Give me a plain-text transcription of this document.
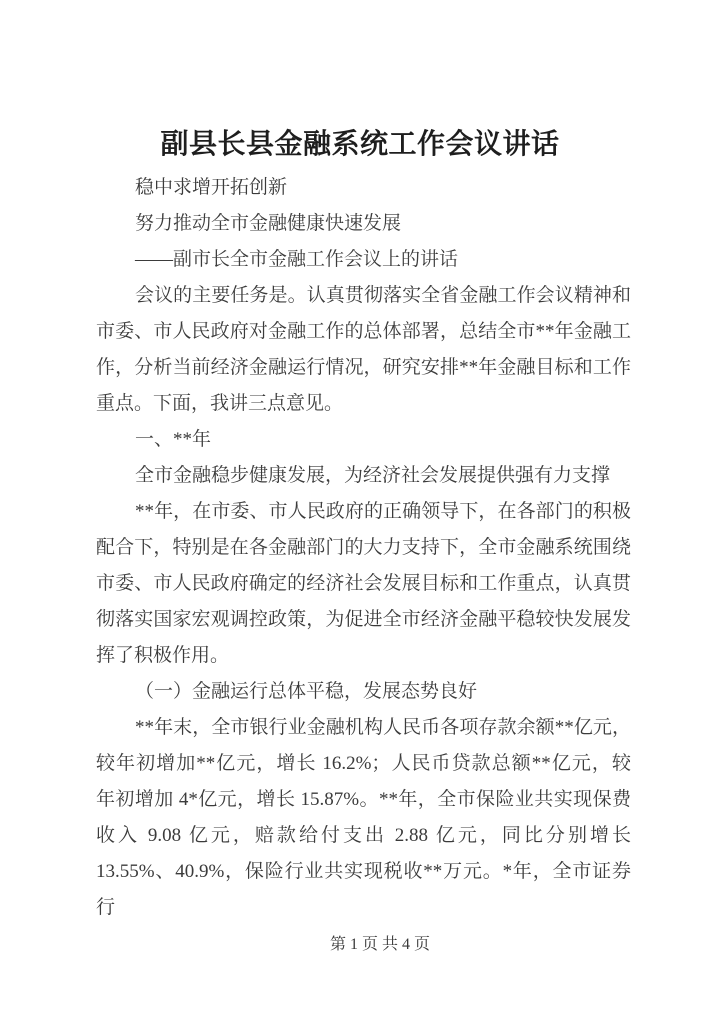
副县长县金融系统工作会议讲话
稳中求增开拓创新
努力推动全市金融健康快速发展
——副市长全市金融工作会议上的讲话
会议的主要任务是。认真贯彻落实全省金融工作会议精神和
市委、市人民政府对金融工作的总体部署，总结全市**年金融工
作，分析当前经济金融运行情况，研究安排**年金融目标和工作
重点。下面，我讲三点意见。
一、**年
全市金融稳步健康发展，为经济社会发展提供强有力支撑
**年，在市委、市人民政府的正确领导下，在各部门的积极
配合下，特别是在各金融部门的大力支持下，全市金融系统围绕
市委、市人民政府确定的经济社会发展目标和工作重点，认真贯
彻落实国家宏观调控政策，为促进全市经济金融平稳较快发展发
挥了积极作用。
（一）金融运行总体平稳，发展态势良好
**年末，全市银行业金融机构人民币各项存款余额**亿元，
较年初增加**亿元，增长 16.2%；人民币贷款总额**亿元，较
年初增加 4*亿元，增长 15.87%。**年，全市保险业共实现保费
收入 9.08 亿元，赔款给付支出 2.88 亿元，同比分别增长
13.55%、40.9%，保险行业共实现税收**万元。*年，全市证券行
第 1 页 共 4 页
